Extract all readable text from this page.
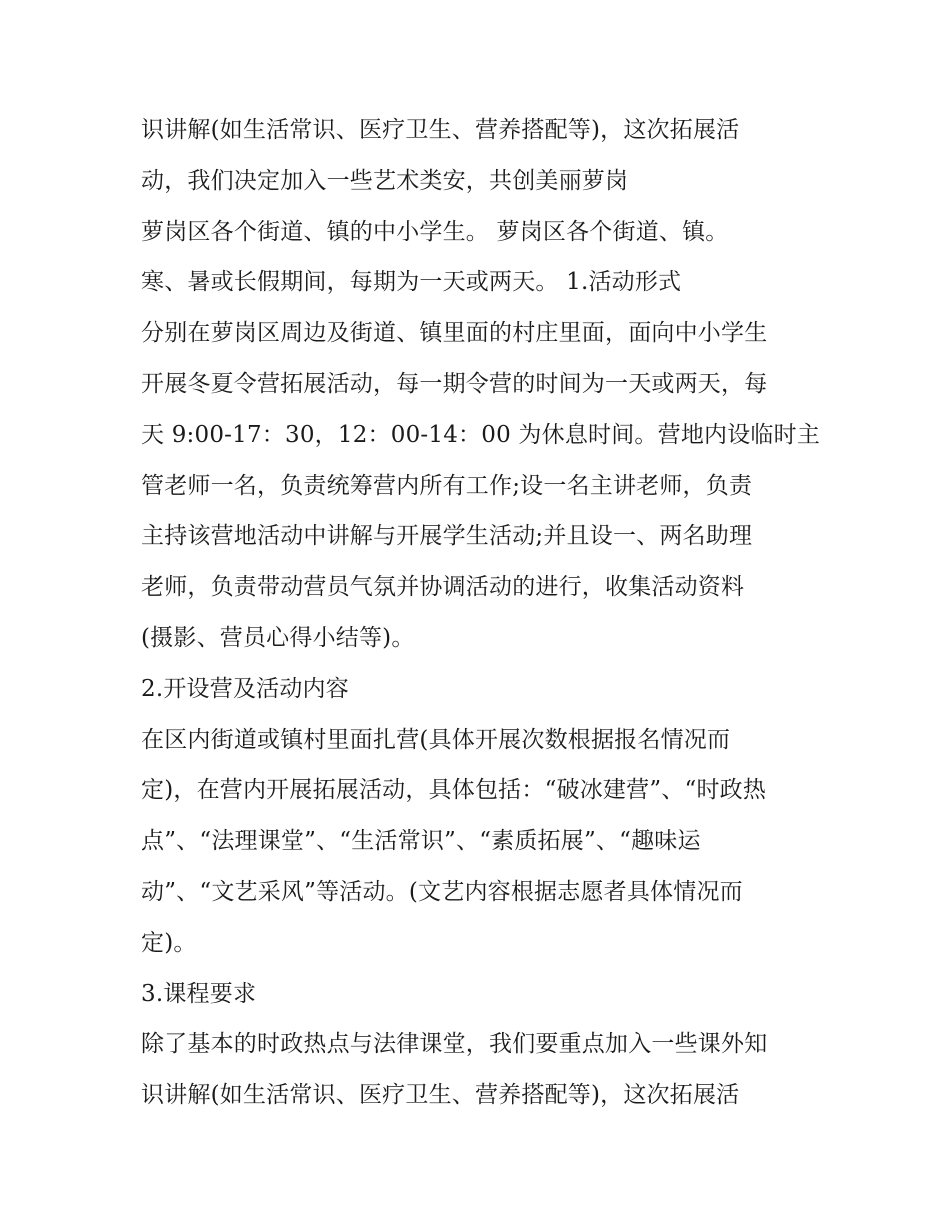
识讲解(如生活常识、医疗卫生、营养搭配等)，这次拓展活
动，我们决定加入一些艺术类安，共创美丽萝岗
萝岗区各个街道、镇的中小学生。 萝岗区各个街道、镇。
寒、暑或长假期间，每期为一天或两天。 1.活动形式
分别在萝岗区周边及街道、镇里面的村庄里面，面向中小学生
开展冬夏令营拓展活动，每一期令营的时间为一天或两天，每
天 9:00-17：30，12：00-14：00 为休息时间。营地内设临时主
管老师一名，负责统筹营内所有工作;设一名主讲老师，负责
主持该营地活动中讲解与开展学生活动;并且设一、两名助理
老师，负责带动营员气氛并协调活动的进行，收集活动资料
(摄影、营员心得小结等)。
2.开设营及活动内容
在区内街道或镇村里面扎营(具体开展次数根据报名情况而
定)，在营内开展拓展活动，具体包括：“破冰建营”、“时政热
点”、“法理课堂”、“生活常识”、“素质拓展”、“趣味运
动”、“文艺采风”等活动。(文艺内容根据志愿者具体情况而
定)。
3.课程要求
除了基本的时政热点与法律课堂，我们要重点加入一些课外知
识讲解(如生活常识、医疗卫生、营养搭配等)，这次拓展活
